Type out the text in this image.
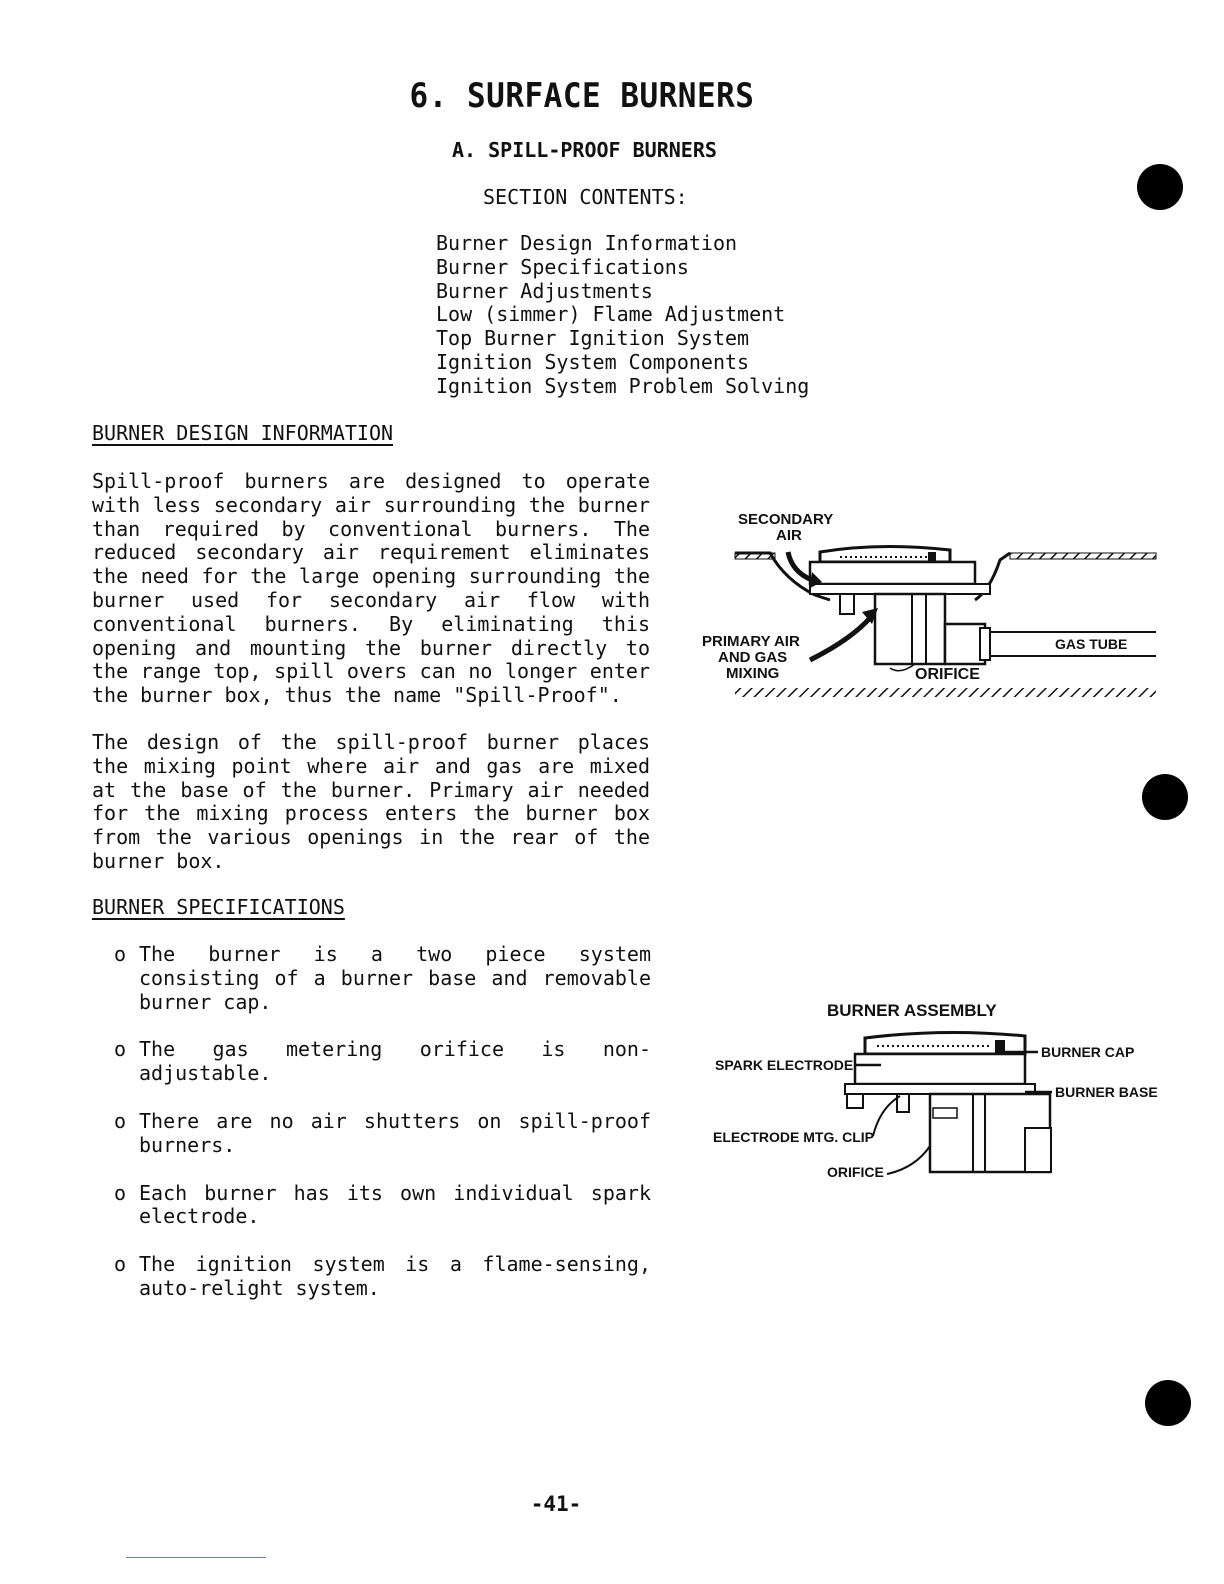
6. SURFACE BURNERS
A. SPILL-PROOF BURNERS
SECTION CONTENTS:
Burner Design Information
Burner Specifications
Burner Adjustments
Low (simmer) Flame Adjustment
Top Burner Ignition System
Ignition System Components
Ignition System Problem Solving
BURNER DESIGN INFORMATION

Spill-proof burners are designed to operate with less secondary air surrounding the burner than required by conventional burners. The reduced secondary air requirement eliminates the need for the large opening surrounding the burner used for secondary air flow with conventional burners. By eliminating this opening and mounting the burner directly to the range top, spill overs can no longer enter the burner box, thus the name "Spill-Proof".

The design of the spill-proof burner places the mixing point where air and gas are mixed at the base of the burner. Primary air needed for the mixing process enters the burner box from the various openings in the rear of the burner box.

BURNER SPECIFICATIONS
o The burner is a two piece system consisting of a burner base and removable burner cap.
o The gas metering orifice is non-adjustable.
o There are no air shutters on spill-proof burners.
o Each burner has its own individual spark electrode.
o The ignition system is a flame-sensing, auto-relight system.
SECONDARY
AIR
PRIMARY AIR
AND GAS
MIXING	ORIFICE
GAS TUBE
BURNER ASSEMBLY
SPARK ELECTRODE
BURNER CAP
BURNER BASE
ELECTRODE MTG. CLIP
ORIFICE
-41-
